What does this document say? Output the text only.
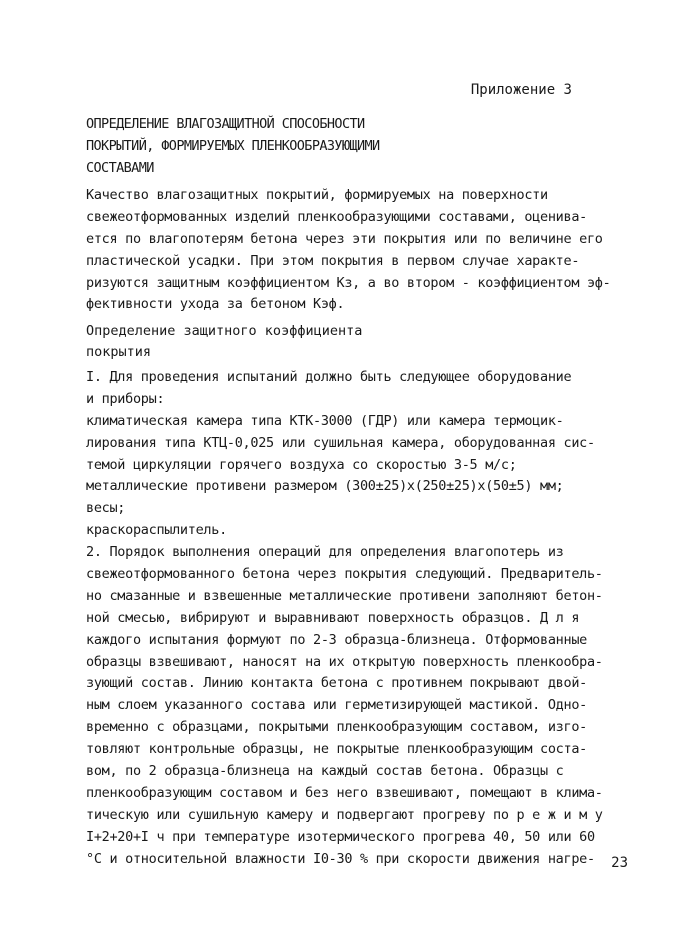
Приложение 3
ОПРЕДЕЛЕНИЕ ВЛАГОЗАЩИТНОЙ СПОСОБНОСТИ
ПОКРЫТИЙ, ФОРМИРУЕМЫХ ПЛЕНКООБРАЗУЮЩИМИ
СОСТАВАМИ
Качество влагозащитных покрытий, формируемых на поверхности
свежеотформованных изделий пленкообразующими составами, оценива-
ется по влагопотерям бетона через эти покрытия или по величине его
пластической усадки. При этом покрытия в первом случае характе-
ризуются защитным коэффициентом Кз, а во втором - коэффициентом эф-
фективности ухода за бетоном Кэф.
Определение защитного коэффициента
покрытия
I. Для проведения испытаний должно быть следующее оборудование
и приборы:
климатическая камера типа КТК-3000 (ГДР) или камера термоцик-
лирования типа КТЦ-0,025 или сушильная камера, оборудованная сис-
темой циркуляции горячего воздуха со скоростью 3-5 м/с;
металлические противени размером (300±25)х(250±25)х(50±5) мм;
весы;
краскораспылитель.
2. Порядок выполнения операций для определения влагопотерь из
свежеотформованного бетона через покрытия следующий. Предваритель-
но смазанные и взвешенные металлические противени заполняют бетон-
ной смесью, вибрируют и выравнивают поверхность образцов. Д л я
каждого испытания формуют по 2-3 образца-близнеца. Отформованные
образцы взвешивают, наносят на их открытую поверхность пленкообра-
зующий состав. Линию контакта бетона с противнем покрывают двой-
ным слоем указанного состава или герметизирующей мастикой. Одно-
временно с образцами, покрытыми пленкообразующим составом, изго-
товляют контрольные образцы, не покрытые пленкообразующим соста-
вом, по 2 образца-близнеца на каждый состав бетона. Образцы с
пленкообразующим составом и без него взвешивают, помещают в клима-
тическую или сушильную камеру и подвергают прогреву по р е ж и м у
I+2+20+I ч при температуре изотермического прогрева 40, 50 или 60
°С и относительной влажности I0-30 % при скорости движения нагре-	23
